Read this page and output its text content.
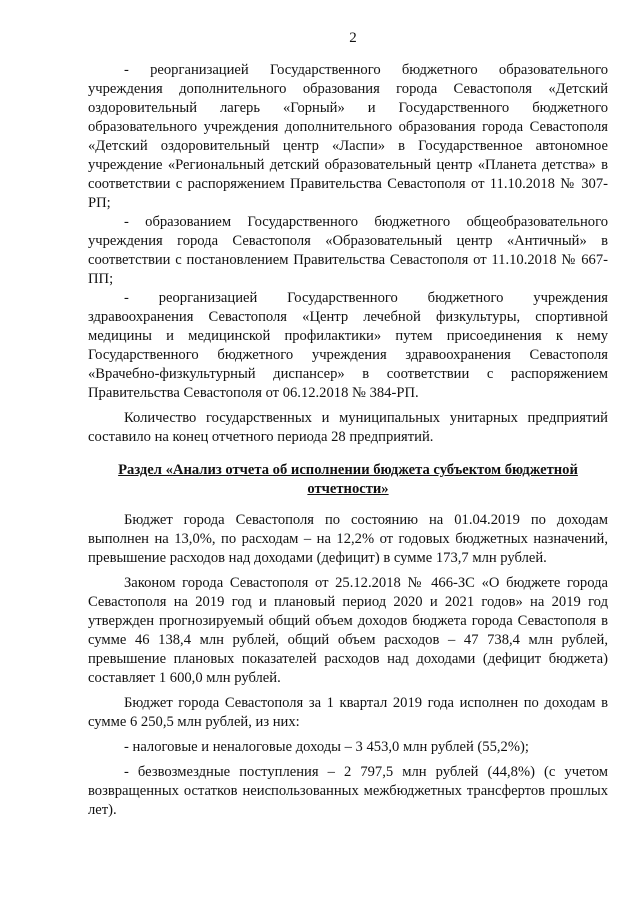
2

- реорганизацией Государственного бюджетного образовательного учреждения дополнительного образования города Севастополя «Детский оздоровительный лагерь «Горный» и Государственного бюджетного образовательного учреждения дополнительного образования города Севастополя «Детский оздоровительный центр «Ласпи» в Государственное автономное учреждение «Региональный детский образовательный центр «Планета детства» в соответствии с распоряжением Правительства Севастополя от 11.10.2018 № 307-РП;

- образованием Государственного бюджетного общеобразовательного учреждения города Севастополя «Образовательный центр «Античный» в соответствии с постановлением Правительства Севастополя от 11.10.2018 № 667-ПП;

- реорганизацией Государственного бюджетного учреждения здравоохранения Севастополя «Центр лечебной физкультуры, спортивной медицины и медицинской профилактики» путем присоединения к нему Государственного бюджетного учреждения здравоохранения Севастополя «Врачебно-физкультурный диспансер» в соответствии с распоряжением Правительства Севастополя от 06.12.2018 № 384-РП.

Количество государственных и муниципальных унитарных предприятий составило на конец отчетного периода 28 предприятий.

Раздел «Анализ отчета об исполнении бюджета субъектом бюджетной отчетности»

Бюджет города Севастополя по состоянию на 01.04.2019 по доходам выполнен на 13,0%, по расходам – на 12,2% от годовых бюджетных назначений, превышение расходов над доходами (дефицит) в сумме 173,7 млн рублей.

Законом города Севастополя от 25.12.2018 № 466-ЗС «О бюджете города Севастополя на 2019 год и плановый период 2020 и 2021 годов» на 2019 год утвержден прогнозируемый общий объем доходов бюджета города Севастополя в сумме 46 138,4 млн рублей, общий объем расходов – 47 738,4 млн рублей, превышение плановых показателей расходов над доходами (дефицит бюджета) составляет 1 600,0 млн рублей.

Бюджет города Севастополя за 1 квартал 2019 года исполнен по доходам в сумме 6 250,5 млн рублей, из них:

- налоговые и неналоговые доходы – 3 453,0 млн рублей (55,2%);

- безвозмездные поступления – 2 797,5 млн рублей (44,8%) (с учетом возвращенных остатков неиспользованных межбюджетных трансфертов прошлых лет).
